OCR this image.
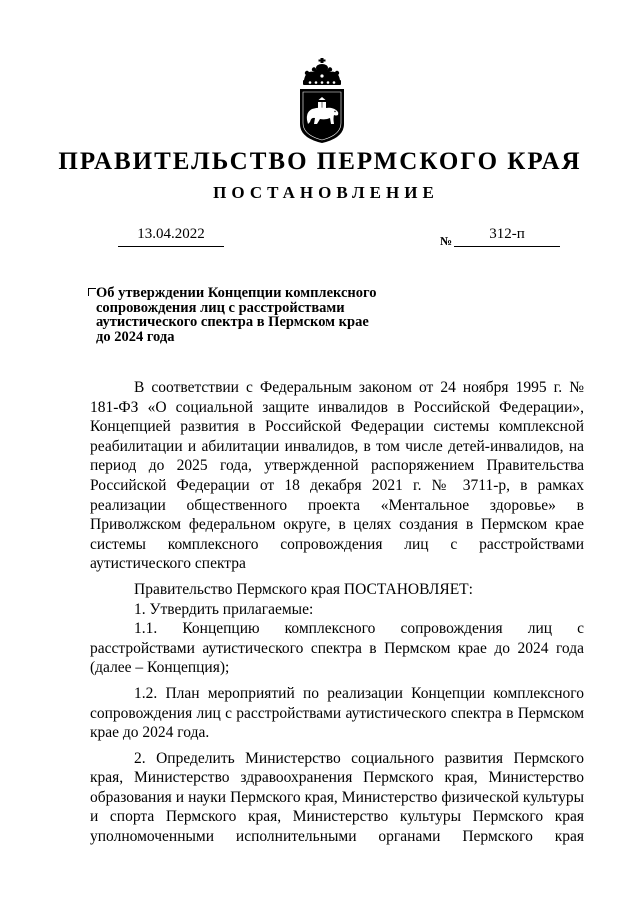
ПРАВИТЕЛЬСТВО ПЕРМСКОГО КРАЯ
ПОСТАНОВЛЕНИЕ
13.04.2022	№	312-п
Об утверждении Концепции комплексного
сопровождения лиц с расстройствами
аутистического спектра в Пермском крае
до 2024 года

В соответствии с Федеральным законом от 24 ноября 1995 г. № 181-ФЗ «О социальной защите инвалидов в Российской Федерации», Концепцией развития в Российской Федерации системы комплексной реабилитации и абилитации инвалидов, в том числе детей-инвалидов, на период до 2025 года, утвержденной распоряжением Правительства Российской Федерации от 18 декабря 2021 г. № 3711-р, в рамках реализации общественного проекта «Ментальное здоровье» в Приволжском федеральном округе, в целях создания в Пермском крае системы комплексного сопровождения лиц с расстройствами аутистического спектра

Правительство Пермского края ПОСТАНОВЛЯЕТ:

1. Утвердить прилагаемые:

1.1. Концепцию комплексного сопровождения лиц с расстройствами аутистического спектра в Пермском крае до 2024 года (далее – Концепция);

1.2. План мероприятий по реализации Концепции комплексного сопровождения лиц с расстройствами аутистического спектра в Пермском крае до 2024 года.

2. Определить Министерство социального развития Пермского края, Министерство здравоохранения Пермского края, Министерство образования и науки Пермского края, Министерство физической культуры и спорта Пермского края, Министерство культуры Пермского края уполномоченными исполнительными органами Пермского края
